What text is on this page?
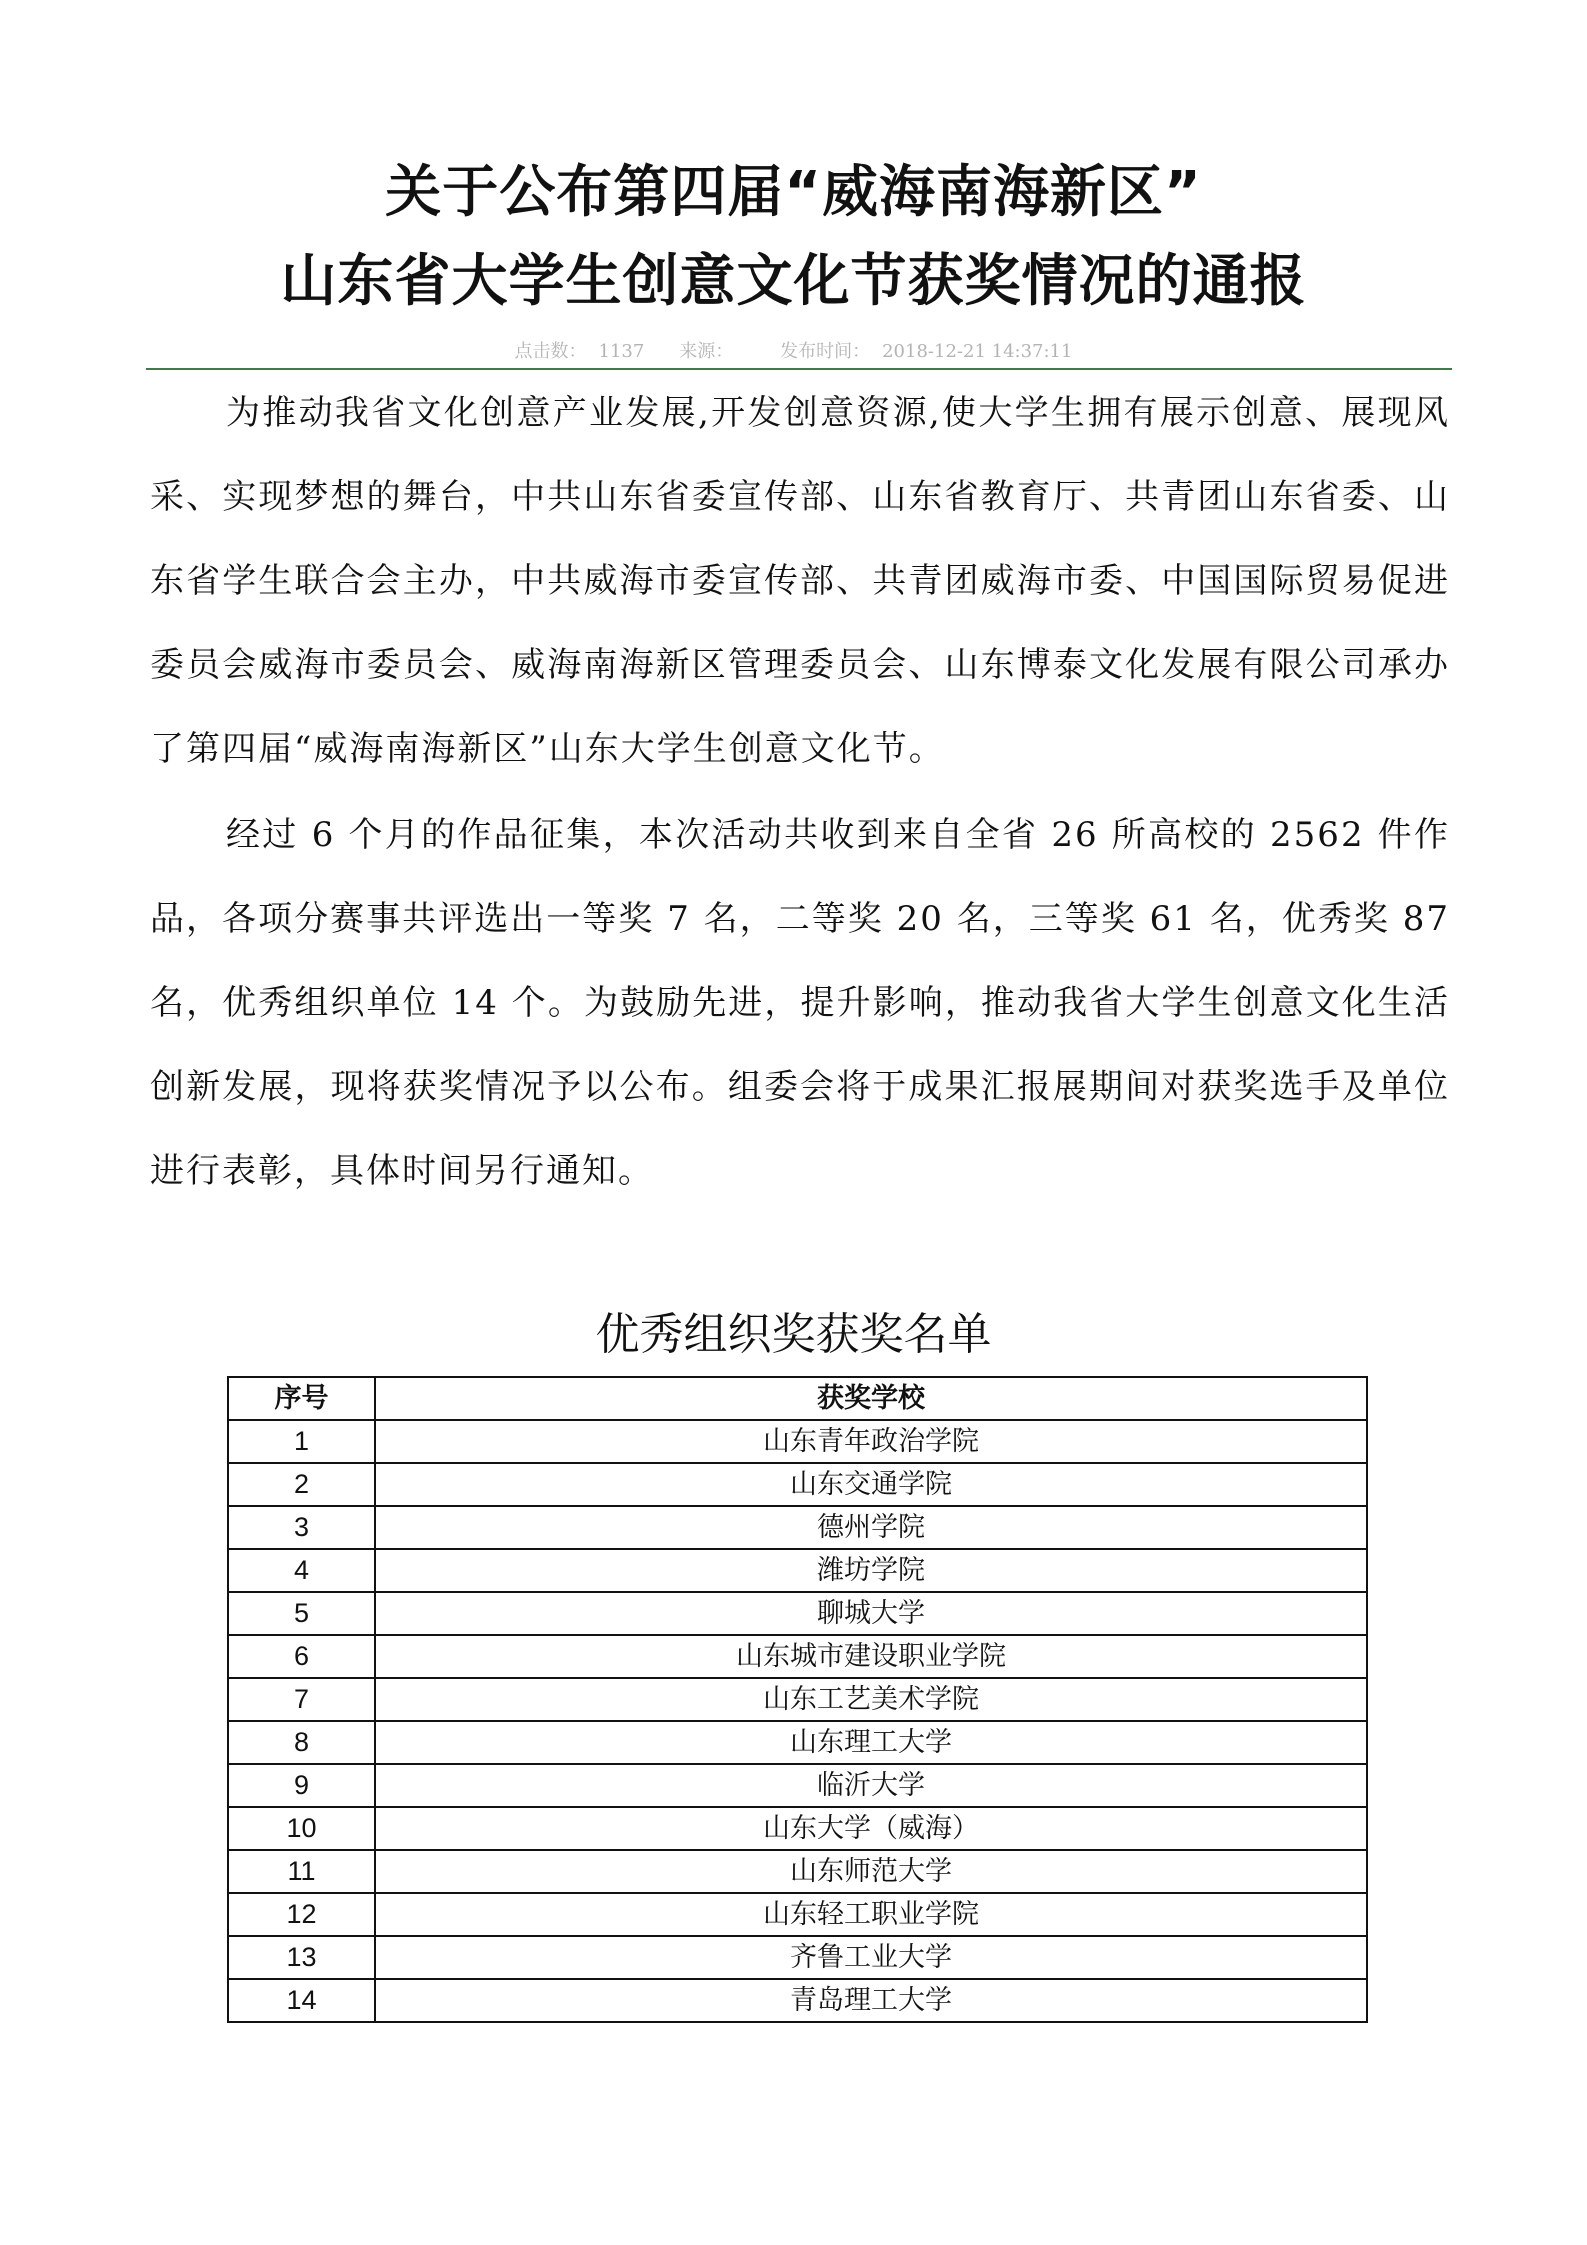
关于公布第四届“威海南海新区”
山东省大学生创意文化节获奖情况的通报
点击数： 1137 来源：	发布时间： 2018-12-21 14:37:11

为推动我省文化创意产业发展,开发创意资源,使大学生拥有展示创意、展现风采、实现梦想的舞台，中共山东省委宣传部、山东省教育厅、共青团山东省委、山东省学生联合会主办，中共威海市委宣传部、共青团威海市委、中国国际贸易促进委员会威海市委员会、威海南海新区管理委员会、山东博泰文化发展有限公司承办了第四届“威海南海新区”山东大学生创意文化节。

经过 6 个月的作品征集，本次活动共收到来自全省 26 所高校的 2562 件作品，各项分赛事共评选出一等奖 7 名，二等奖 20 名，三等奖 61 名，优秀奖 87 名，优秀组织单位 14 个。为鼓励先进，提升影响，推动我省大学生创意文化生活创新发展，现将获奖情况予以公布。组委会将于成果汇报展期间对获奖选手及单位进行表彰，具体时间另行通知。

优秀组织奖获奖名单
序号	获奖学校
1	山东青年政治学院
2	山东交通学院
3	德州学院
4	潍坊学院
5	聊城大学
6	山东城市建设职业学院
7	山东工艺美术学院
8	山东理工大学
9	临沂大学
10	山东大学（威海）
11	山东师范大学
12	山东轻工职业学院
13	齐鲁工业大学
14	青岛理工大学
